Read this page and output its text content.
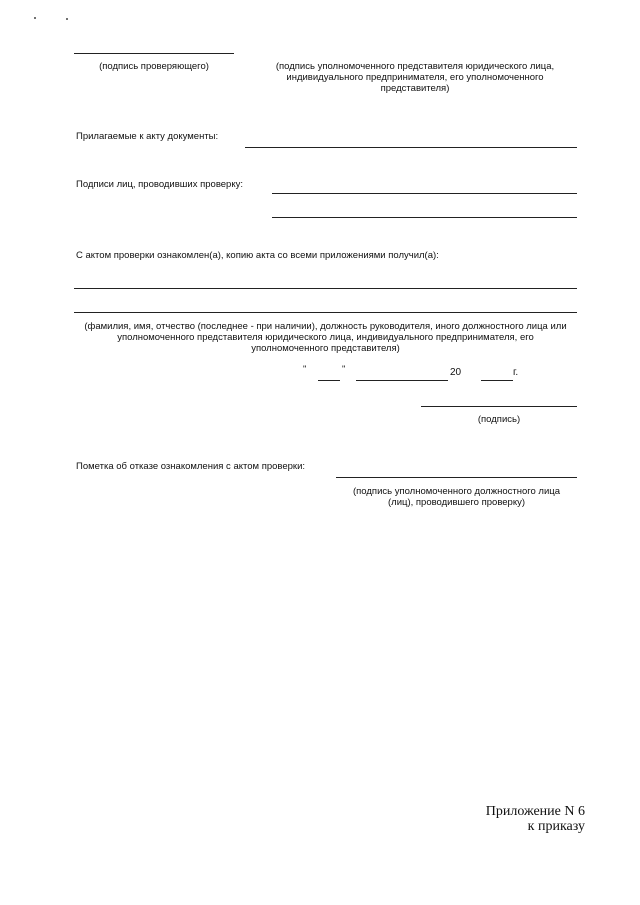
(подпись проверяющего)	(подпись уполномоченного представителя юридического лица,
индивидуального предпринимателя, его уполномоченного
представителя)
Прилагаемые к акту документы:
Подписи лиц, проводивших проверку:
С актом проверки ознакомлен(а), копию акта со всеми приложениями получил(а):
(фамилия, имя, отчество (последнее - при наличии), должность руководителя, иного должностного лица или
уполномоченного представителя юридического лица, индивидуального предпринимателя, его
уполномоченного представителя)
"	"	20	г.
(подпись)
Пометка об отказе ознакомления с актом проверки:
(подпись уполномоченного должностного лица
(лиц), проводившего проверку)
Приложение N 6
к приказу
